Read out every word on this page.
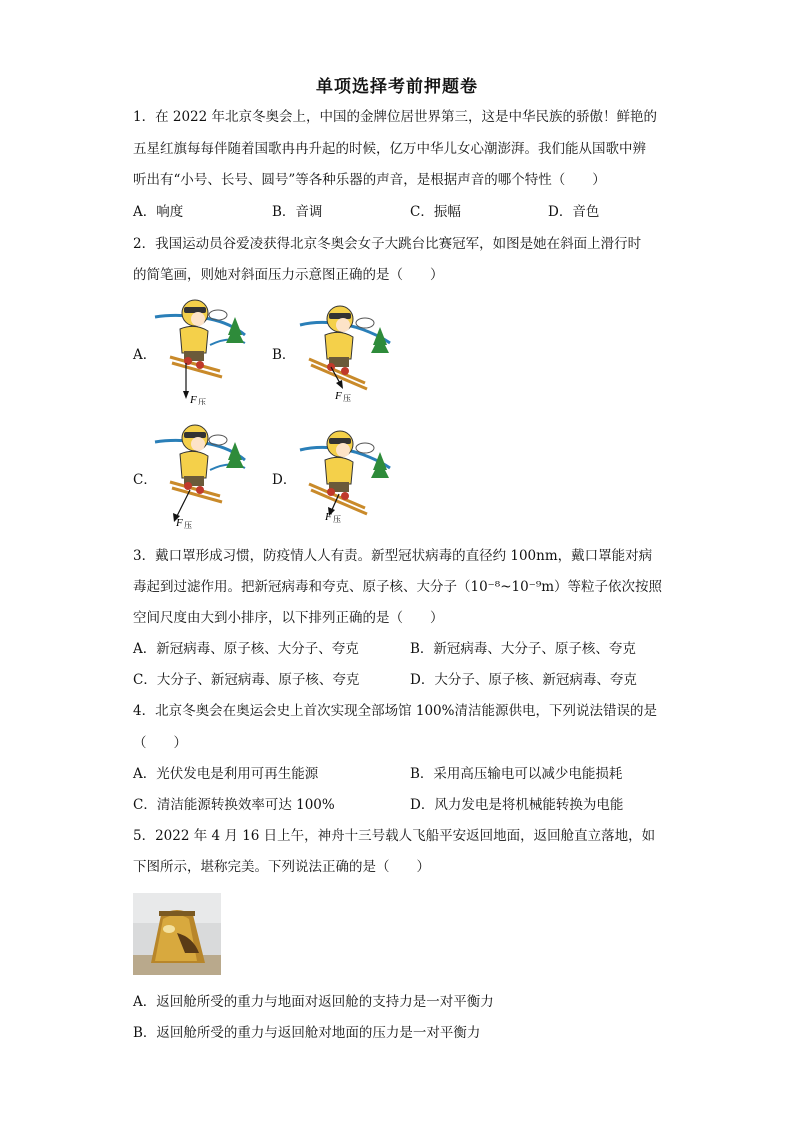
单项选择考前押题卷
1．在 2022 年北京冬奥会上，中国的金牌位居世界第三，这是中华民族的骄傲！鲜艳的
五星红旗每每伴随着国歌冉冉升起的时候，亿万中华儿女心潮澎湃。我们能从国歌中辨
听出有“小号、长号、圆号”等各种乐器的声音，是根据声音的哪个特性（　　）
A．响度	B．音调	C．振幅	D．音色
2．我国运动员谷爱凌获得北京冬奥会女子大跳台比赛冠军，如图是她在斜面上滑行时
的简笔画，则她对斜面压力示意图正确的是（　　）
A．	B．
C．	D．
F 压
F 压
F 压
F 压
3．戴口罩形成习惯，防疫情人人有责。新型冠状病毒的直径约 100nm，戴口罩能对病
毒起到过滤作用。把新冠病毒和夸克、原子核、大分子（10⁻⁸~10⁻⁹m）等粒子依次按照
空间尺度由大到小排序，以下排列正确的是（　　）
A．新冠病毒、原子核、大分子、夸克	B．新冠病毒、大分子、原子核、夸克
C．大分子、新冠病毒、原子核、夸克	D．大分子、原子核、新冠病毒、夸克
4．北京冬奥会在奥运会史上首次实现全部场馆 100%清洁能源供电，下列说法错误的是
（　　）
A．光伏发电是利用可再生能源	B．采用高压输电可以减少电能损耗
C．清洁能源转换效率可达 100%	D．风力发电是将机械能转换为电能
5．2022 年 4 月 16 日上午，神舟十三号载人飞船平安返回地面，返回舱直立落地，如
下图所示，堪称完美。下列说法正确的是（　　）
A．返回舱所受的重力与地面对返回舱的支持力是一对平衡力
B．返回舱所受的重力与返回舱对地面的压力是一对平衡力
